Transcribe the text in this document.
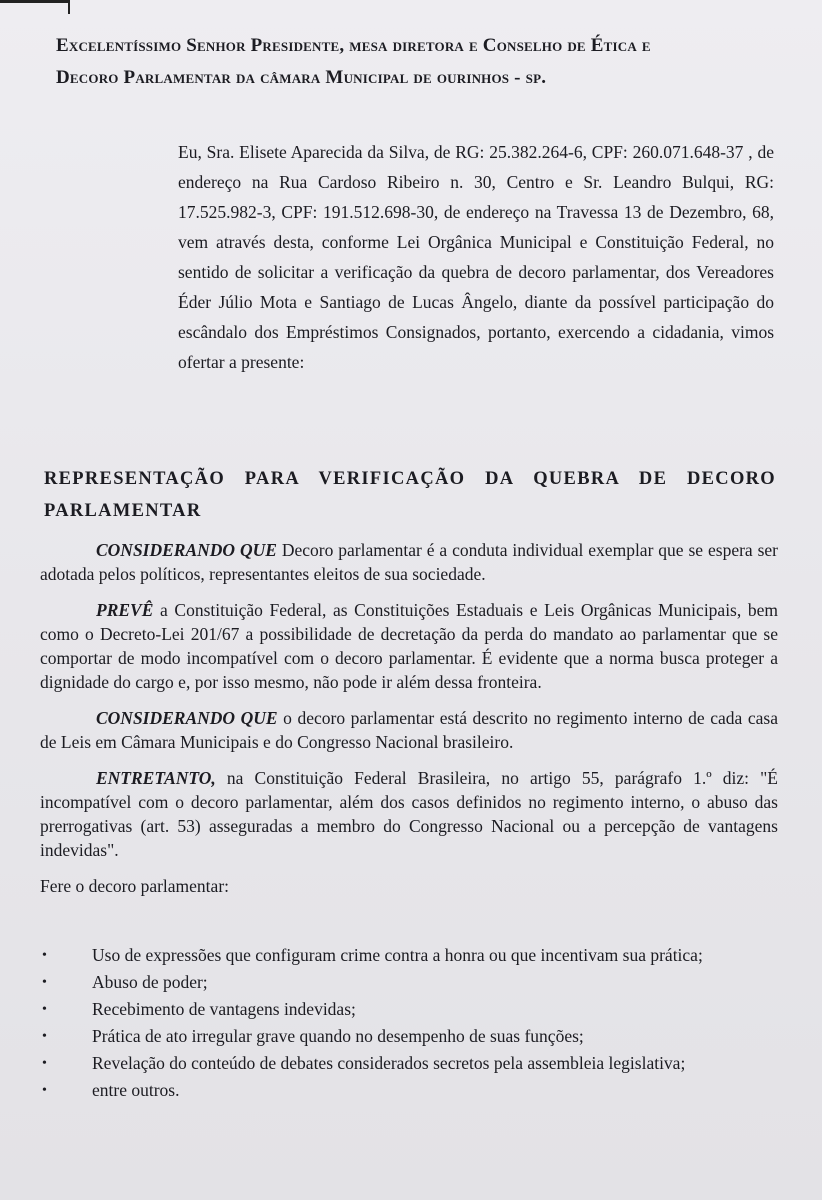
Excelentíssimo Senhor Presidente, mesa diretora e Conselho de Ética e
Decoro Parlamentar da câmara Municipal de ourinhos - sp.

Eu, Sra. Elisete Aparecida da Silva, de RG: 25.382.264-6, CPF: 260.071.648-37 , de endereço na Rua Cardoso Ribeiro n. 30, Centro e Sr. Leandro Bulqui, RG: 17.525.982-3, CPF: 191.512.698-30, de endereço na Travessa 13 de Dezembro, 68, vem através desta, conforme Lei Orgânica Municipal e Constituição Federal, no sentido de solicitar a verificação da quebra de decoro parlamentar, dos Vereadores Éder Júlio Mota e Santiago de Lucas Ângelo, diante da possível participação do escândalo dos Empréstimos Consignados, portanto, exercendo a cidadania, vimos ofertar a presente:

REPRESENTAÇÃO PARA VERIFICAÇÃO DA QUEBRA DE DECORO PARLAMENTAR

CONSIDERANDO QUE Decoro parlamentar é a conduta individual exemplar que se espera ser adotada pelos políticos, representantes eleitos de sua sociedade.

PREVÊ a Constituição Federal, as Constituições Estaduais e Leis Orgânicas Municipais, bem como o Decreto-Lei 201/67 a possibilidade de decretação da perda do mandato ao parlamentar que se comportar de modo incompatível com o decoro parlamentar. É evidente que a norma busca proteger a dignidade do cargo e, por isso mesmo, não pode ir além dessa fronteira.

CONSIDERANDO QUE o decoro parlamentar está descrito no regimento interno de cada casa de Leis em Câmara Municipais e do Congresso Nacional brasileiro.

ENTRETANTO, na Constituição Federal Brasileira, no artigo 55, parágrafo 1.º diz: "É incompatível com o decoro parlamentar, além dos casos definidos no regimento interno, o abuso das prerrogativas (art. 53) asseguradas a membro do Congresso Nacional ou a percepção de vantagens indevidas".

Fere o decoro parlamentar:

•	Uso de expressões que configuram crime contra a honra ou que incentivam sua prática;
•	Abuso de poder;
•	Recebimento de vantagens indevidas;
•	Prática de ato irregular grave quando no desempenho de suas funções;
•	Revelação do conteúdo de debates considerados secretos pela assembleia legislativa;
•	entre outros.
